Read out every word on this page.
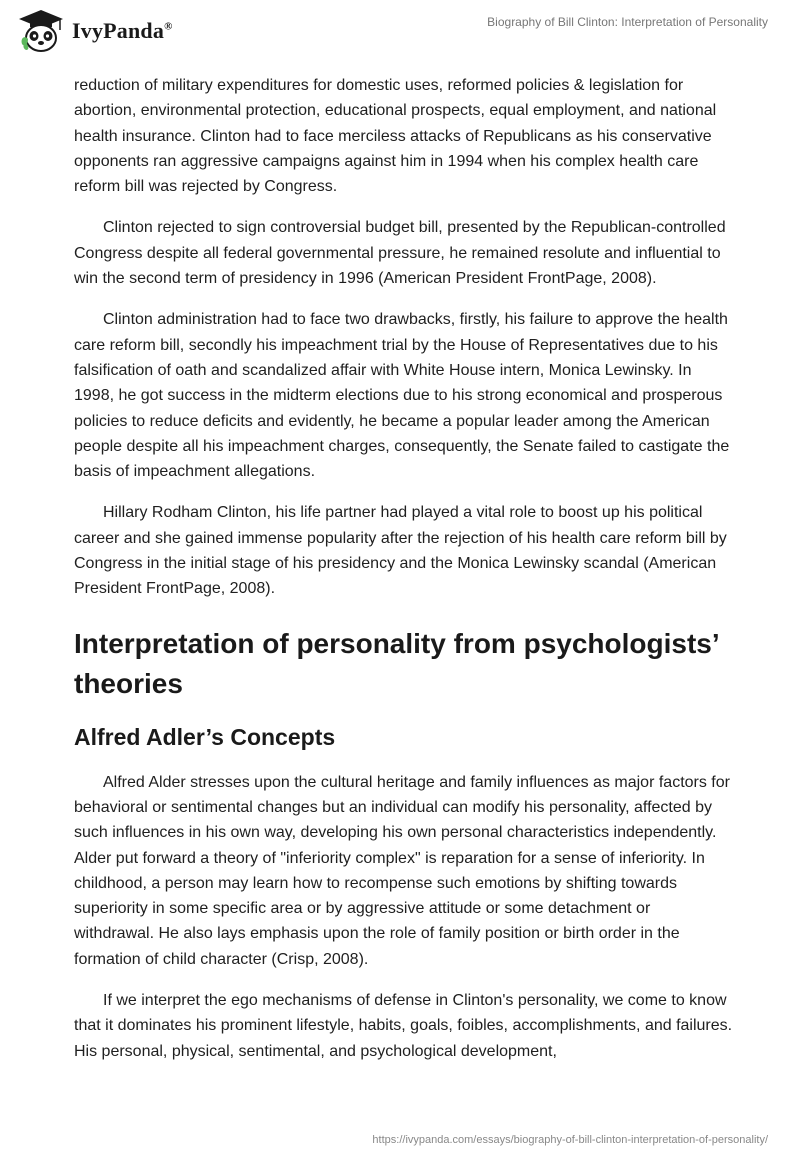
IvyPanda®	Biography of Bill Clinton: Interpretation of Personality

reduction of military expenditures for domestic uses, reformed policies & legislation for abortion, environmental protection, educational prospects, equal employment, and national health insurance. Clinton had to face merciless attacks of Republicans as his conservative opponents ran aggressive campaigns against him in 1994 when his complex health care reform bill was rejected by Congress.

Clinton rejected to sign controversial budget bill, presented by the Republican-controlled Congress despite all federal governmental pressure, he remained resolute and influential to win the second term of presidency in 1996 (American President FrontPage, 2008).

Clinton administration had to face two drawbacks, firstly, his failure to approve the health care reform bill, secondly his impeachment trial by the House of Representatives due to his falsification of oath and scandalized affair with White House intern, Monica Lewinsky. In 1998, he got success in the midterm elections due to his strong economical and prosperous policies to reduce deficits and evidently, he became a popular leader among the American people despite all his impeachment charges, consequently, the Senate failed to castigate the basis of impeachment allegations.

Hillary Rodham Clinton, his life partner had played a vital role to boost up his political career and she gained immense popularity after the rejection of his health care reform bill by Congress in the initial stage of his presidency and the Monica Lewinsky scandal (American President FrontPage, 2008).

Interpretation of personality from psychologists’ theories
Alfred Adler’s Concepts

Alfred Alder stresses upon the cultural heritage and family influences as major factors for behavioral or sentimental changes but an individual can modify his personality, affected by such influences in his own way, developing his own personal characteristics independently. Alder put forward a theory of "inferiority complex" is reparation for a sense of inferiority. In childhood, a person may learn how to recompense such emotions by shifting towards superiority in some specific area or by aggressive attitude or some detachment or withdrawal. He also lays emphasis upon the role of family position or birth order in the formation of child character (Crisp, 2008).

If we interpret the ego mechanisms of defense in Clinton's personality, we come to know that it dominates his prominent lifestyle, habits, goals, foibles, accomplishments, and failures. His personal, physical, sentimental, and psychological development,

https://ivypanda.com/essays/biography-of-bill-clinton-interpretation-of-personality/
